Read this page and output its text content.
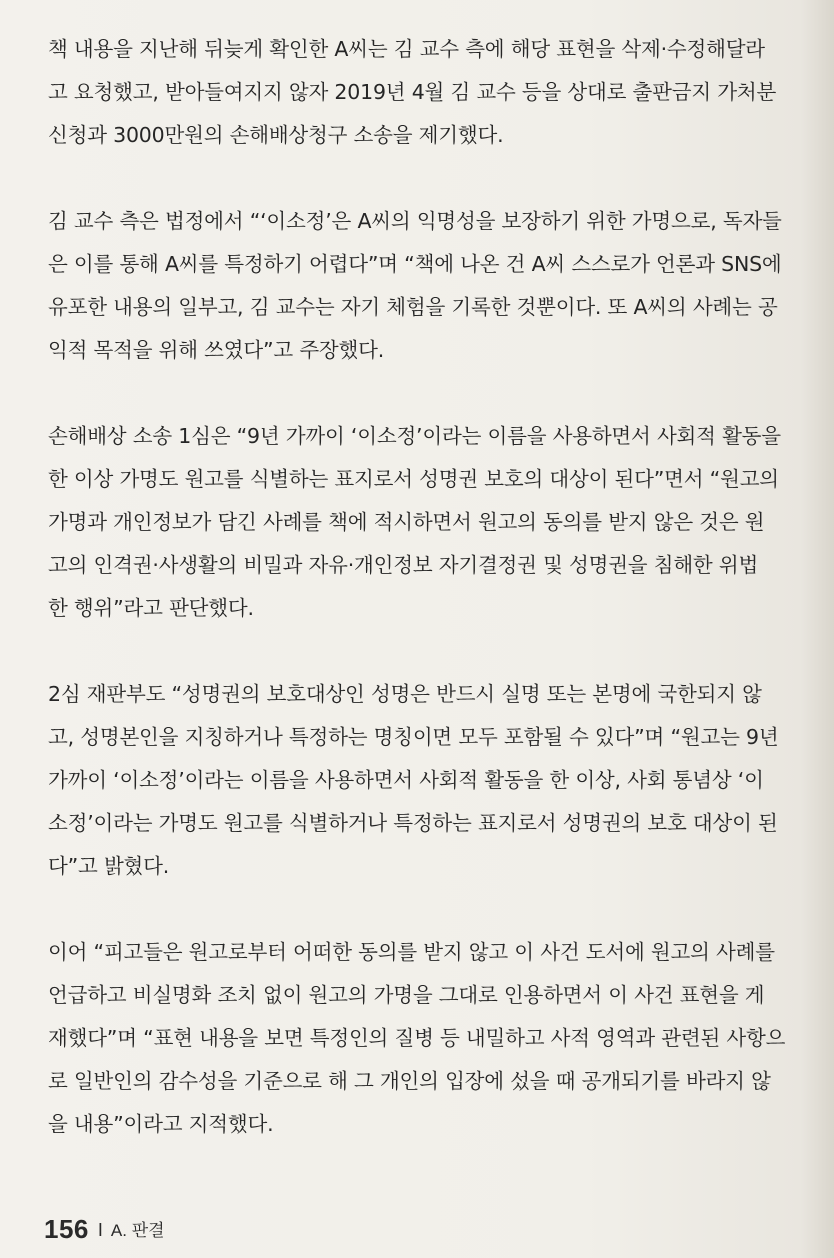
책 내용을 지난해 뒤늦게 확인한 A씨는 김 교수 측에 해당 표현을 삭제·수정해달라
고 요청했고, 받아들여지지 않자 2019년 4월 김 교수 등을 상대로 출판금지 가처분
신청과 3000만원의 손해배상청구 소송을 제기했다.

김 교수 측은 법정에서 “‘이소정’은 A씨의 익명성을 보장하기 위한 가명으로, 독자들
은 이를 통해 A씨를 특정하기 어렵다”며 “책에 나온 건 A씨 스스로가 언론과 SNS에
유포한 내용의 일부고, 김 교수는 자기 체험을 기록한 것뿐이다. 또 A씨의 사례는 공
익적 목적을 위해 쓰였다”고 주장했다.

손해배상 소송 1심은 “9년 가까이 ‘이소정’이라는 이름을 사용하면서 사회적 활동을
한 이상 가명도 원고를 식별하는 표지로서 성명권 보호의 대상이 된다”면서 “원고의
가명과 개인정보가 담긴 사례를 책에 적시하면서 원고의 동의를 받지 않은 것은 원
고의 인격권·사생활의 비밀과 자유·개인정보 자기결정권 및 성명권을 침해한 위법
한 행위”라고 판단했다.

2심 재판부도 “성명권의 보호대상인 성명은 반드시 실명 또는 본명에 국한되지 않
고, 성명본인을 지칭하거나 특정하는 명칭이면 모두 포함될 수 있다”며 “원고는 9년
가까이 ‘이소정’이라는 이름을 사용하면서 사회적 활동을 한 이상, 사회 통념상 ‘이
소정’이라는 가명도 원고를 식별하거나 특정하는 표지로서 성명권의 보호 대상이 된
다”고 밝혔다.

이어 “피고들은 원고로부터 어떠한 동의를 받지 않고 이 사건 도서에 원고의 사례를
언급하고 비실명화 조치 없이 원고의 가명을 그대로 인용하면서 이 사건 표현을 게
재했다”며 “표현 내용을 보면 특정인의 질병 등 내밀하고 사적 영역과 관련된 사항으
로 일반인의 감수성을 기준으로 해 그 개인의 입장에 섰을 때 공개되기를 바라지 않
을 내용”이라고 지적했다.

156 I A. 판결
